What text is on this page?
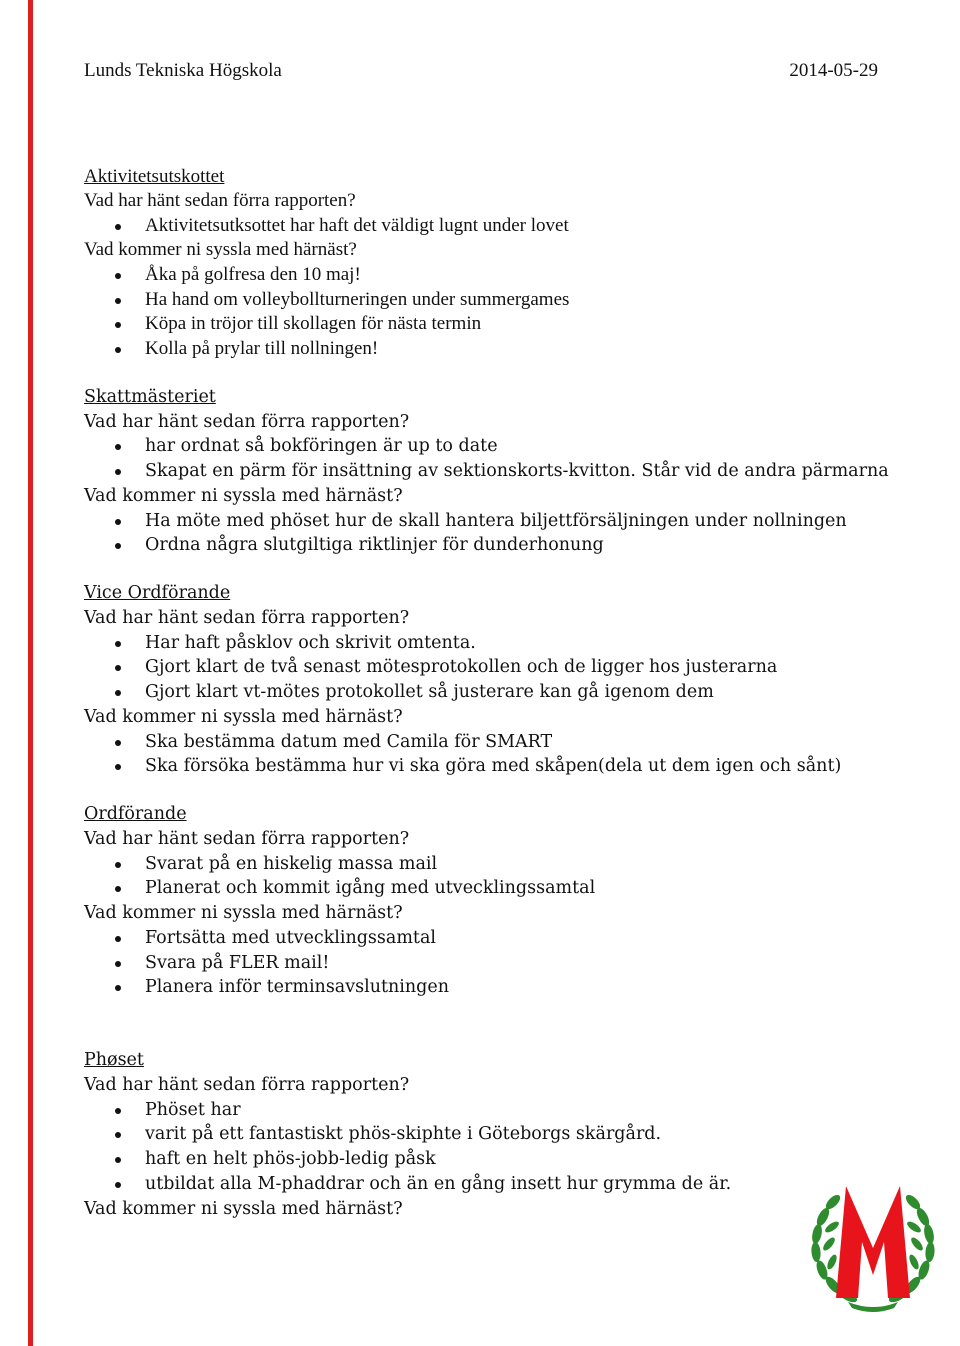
Lunds Tekniska Högskola	2014-05-29
Aktivitetsutskottet
Vad har hänt sedan förra rapporten?
Aktivitetsutksottet har haft det väldigt lugnt under lovet
Vad kommer ni syssla med härnäst?
Åka på golfresa den 10 maj!
Ha hand om volleybollturneringen under summergames
Köpa in tröjor till skollagen för nästa termin
Kolla på prylar till nollningen!
Skattmästeriet
Vad har hänt sedan förra rapporten?
har ordnat så bokföringen är up to date
Skapat en pärm för insättning av sektionskorts-kvitton. Står vid de andra pärmarna
Vad kommer ni syssla med härnäst?
Ha möte med phöset hur de skall hantera biljettförsäljningen under nollningen
Ordna några slutgiltiga riktlinjer för dunderhonung
Vice Ordförande
Vad har hänt sedan förra rapporten?
Har haft påsklov och skrivit omtenta.
Gjort klart de två senast mötesprotokollen och de ligger hos justerarna
Gjort klart vt-mötes protokollet så justerare kan gå igenom dem
Vad kommer ni syssla med härnäst?
Ska bestämma datum med Camila för SMART
Ska försöka bestämma hur vi ska göra med skåpen(dela ut dem igen och sånt)
Ordförande
Vad har hänt sedan förra rapporten?
Svarat på en hiskelig massa mail
Planerat och kommit igång med utvecklingssamtal
Vad kommer ni syssla med härnäst?
Fortsätta med utvecklingssamtal
Svara på FLER mail!
Planera inför terminsavslutningen
Phøset
Vad har hänt sedan förra rapporten?
Phöset har
varit på ett fantastiskt phös-skiphte i Göteborgs skärgård.
haft en helt phös-jobb-ledig påsk
utbildat alla M-phaddrar och än en gång insett hur grymma de är.
Vad kommer ni syssla med härnäst?
